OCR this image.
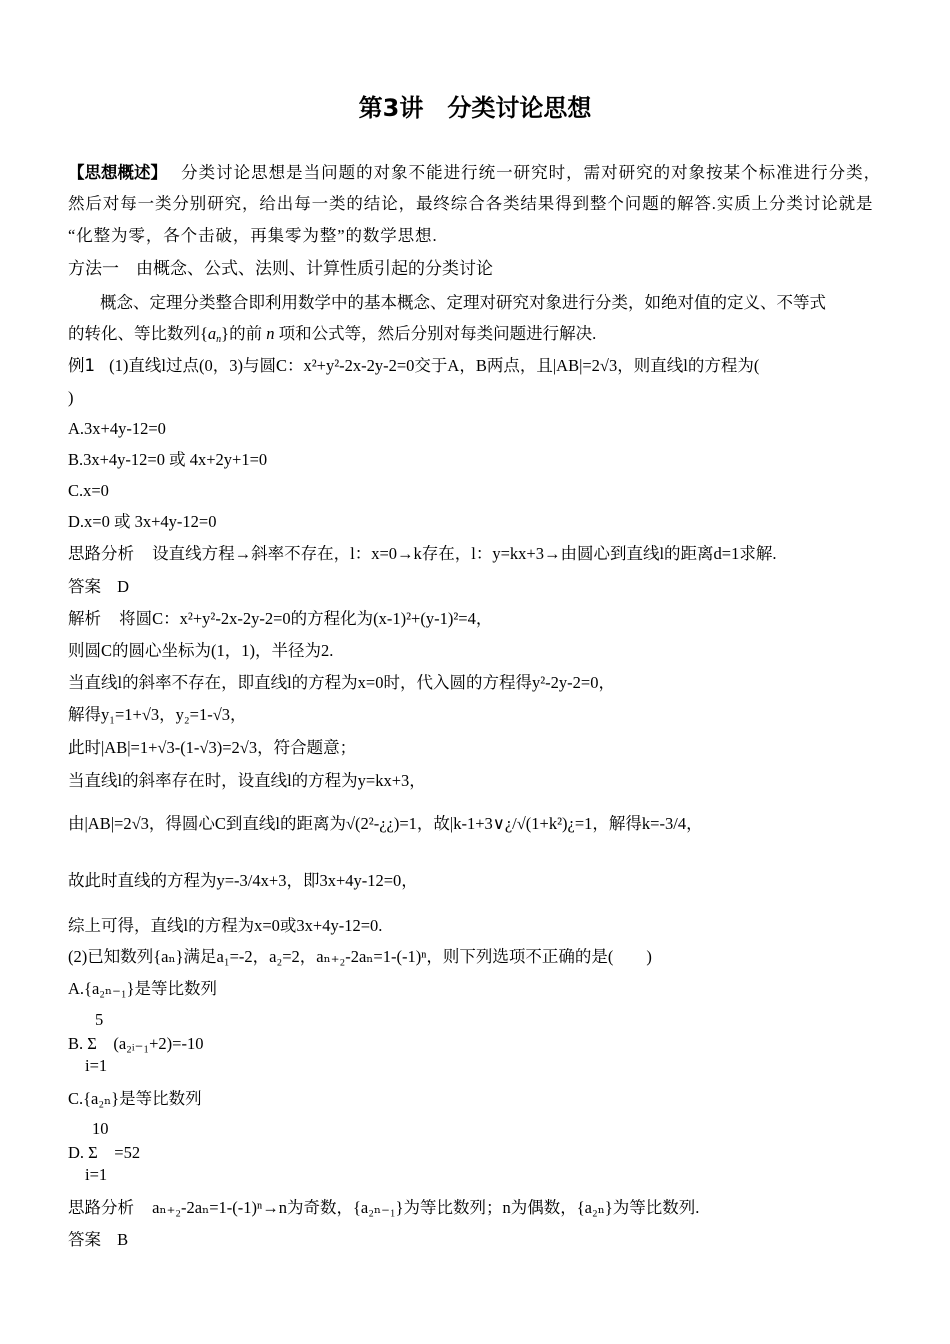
第3讲　分类讨论思想
【思想概述】 分类讨论思想是当问题的对象不能进行统一研究时，需对研究的对象按某个标准进行分类，
然后对每一类分别研究，给出每一类的结论，最终综合各类结果得到整个问题的解答.实质上分类讨论就是
“化整为零，各个击破，再集零为整”的数学思想.
方法一　由概念、公式、法则、计算性质引起的分类讨论
概念、定理分类整合即利用数学中的基本概念、定理对研究对象进行分类，如绝对值的定义、不等式
的转化、等比数列$\{a_n\}$的前 n 项和公式等，然后分别对每类问题进行解决.
例1 (1)直线l过点(0，3)与圆C：x²+y²-2x-2y-2=0交于A，B两点，且|AB|=2√3，则直线l的方程为(
)
A.3x+4y-12=0
B.3x+4y-12=0 或 4x+2y+1=0
C.x=0
D.x=0 或 3x+4y-12=0
思路分析 设直线方程→斜率不存在，l：x=0→k存在，l：y=kx+3→由圆心到直线l的距离d=1求解.
答案 D
解析 将圆C：x²+y²-2x-2y-2=0的方程化为(x-1)²+(y-1)²=4，
则圆C的圆心坐标为(1，1)，半径为2.
当直线l的斜率不存在，即直线l的方程为x=0时，代入圆的方程得y²-2y-2=0，
解得y₁=1+√3，y₂=1-√3，
此时|AB|=1+√3-(1-√3)=2√3，符合题意；
当直线l的斜率存在时，设直线l的方程为y=kx+3，
由|AB|=2√3，得圆心C到直线l的距离为√(2²-¿¿)=1，故|k-1+3∨¿/√(1+k²)¿=1，解得k=-3/4，
故此时直线的方程为y=-3/4x+3，即3x+4y-12=0，
综上可得，直线l的方程为x=0或3x+4y-12=0.
(2)已知数列{aₙ}满足a₁=-2，a₂=2，aₙ₊₂-2aₙ=1-(-1)ⁿ，则下列选项不正确的是(　　)
A.{a₂ₙ₋₁}是等比数列
5
B. Σ　(a₂ᵢ₋₁+2)=-10
i=1
C.{a₂ₙ}是等比数列
10
D. Σ　=52
i=1
思路分析 aₙ₊₂-2aₙ=1-(-1)ⁿ→n为奇数，{a₂ₙ₋₁}为等比数列；n为偶数，{a₂ₙ}为等比数列.
答案 B
